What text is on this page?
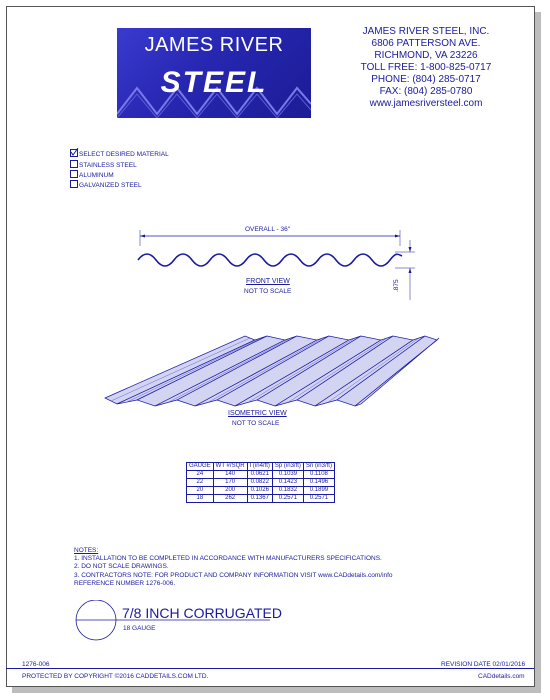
JAMES RIVER
STEEL
JAMES RIVER STEEL, INC.
6806 PATTERSON AVE.
RICHMOND, VA 23226
TOLL FREE: 1-800-825-0717
PHONE: (804) 285-0717
FAX: (804) 285-0780
www.jamesriversteel.com
SELECT DESIRED MATERIAL
STAINLESS STEEL
ALUMINUM
GALVANIZED STEEL
OVERALL - 36"
.875
FRONT VIEW
NOT TO SCALE
ISOMETRIC VIEW
NOT TO SCALE
GAUGE	WT #/SQR	I (in4/ft)	Sp (in3/ft)	Sn (in3/ft)
24	140	0.0621	0.1039	0.1108
22	170	0.0822	0.1423	0.1496
20	200	0.1026	0.1832	0.1899
18	262	0.1367	0.2571	0.2571
NOTES:
1. INSTALLATION TO BE COMPLETED IN ACCORDANCE WITH MANUFACTURERS SPECIFICATIONS.
2. DO NOT SCALE DRAWINGS.
3. CONTRACTORS NOTE: FOR PRODUCT AND COMPANY INFORMATION VISIT www.CADdetails.com/info
REFERENCE NUMBER 1276-006.
7/8 INCH CORRUGATED
18 GAUGE
1276-006	REVISION DATE 02/01/2016
PROTECTED BY COPYRIGHT ©2016 CADDETAILS.COM LTD.	CADdetails.com
